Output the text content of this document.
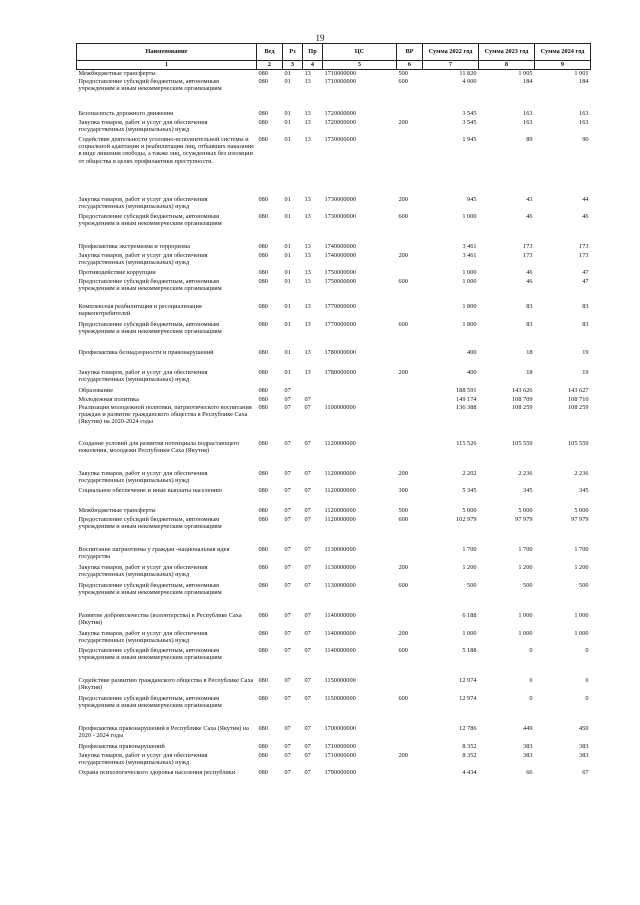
19
Наименование	Вед	Рз	Пр	ЦС	ВР	Сумма 2022 год	Сумма 2023 год	Сумма 2024 год
1	2	3	4	5	6	7	8	9
Межбюджетные трансферты	080	01	13	1710000000	500	11 820	1 005	1 001
Предоставление субсидий бюджетным, автономным учреждениям и иным некоммерческим организациям	080	01	13	1710000000	600	4 000	184	184
Безопасность дорожного движения	080	01	13	1720000000		3 545	163	163
Закупка товаров, работ и услуг для обеспечения государственных (муниципальных) нужд	080	01	13	1720000000	200	3 545	163	163
Содействие деятельности уголовно-исполнительной системы и социальной адаптации и реабилитации лиц, отбывших наказание в виде лишения свободы, а также лиц, осужденных без изоляции от общества в целях профилактики преступности.	080	01	13	1730000000		1 945	89	90
Закупка товаров, работ и услуг для обеспечения государственных (муниципальных) нужд	080	01	13	1730000000	200	945	43	44
Предоставление субсидий бюджетным, автономным учреждениям и иным некоммерческим организациям	080	01	13	1730000000	600	1 000	46	46
Профилактика экстремизма и терроризма	080	01	13	1740000000		3 461	173	173
Закупка товаров, работ и услуг для обеспечения государственных (муниципальных) нужд	080	01	13	1740000000	200	3 461	173	173
Противодействие коррупции	080	01	13	1750000000		1 000	46	47
Предоставление субсидий бюджетным, автономным учреждениям и иным некоммерческим организациям	080	01	13	1750000000	600	1 000	46	47
Комплексная реабилитация и ресоциализация наркопотребителей	080	01	13	1770000000		1 800	83	83
Предоставление субсидий бюджетным, автономным учреждениям и иным некоммерческим организациям	080	01	13	1770000000	600	1 800	83	83
Профилактика безнадзорности и правонарушений	080	01	13	1780000000		400	18	19
Закупка товаров, работ и услуг для обеспечения государственных (муниципальных) нужд	080	01	13	1780000000	200	400	18	19
Образование	080	07				188 591	143 626	143 627
Молодежная политика	080	07	07			149 174	108 709	108 710
Реализация молодежной политики, патриотического воспитания граждан и развитие гражданского общества в Республике Саха (Якутия) на 2020-2024 годы	080	07	07	1100000000		136 388	108 259	108 259
Создание условий для развития потенциала подрастающего поколения, молодежи Республики Саха (Якутия)	080	07	07	1120000000		115 526	105 559	105 559
Закупка товаров, работ и услуг для обеспечения государственных (муниципальных) нужд	080	07	07	1120000000	200	2 202	2 236	2 236
Социальное обеспечение и иные выплаты населению	080	07	07	1120000000	300	5 345	345	345
Межбюджетные трансферты	080	07	07	1120000000	500	5 000	5 000	5 000
Предоставление субсидий бюджетным, автономным учреждениям и иным некоммерческим организациям	080	07	07	1120000000	600	102 979	97 979	97 979
Воспитание патриотизма у граждан -национальная идея государства	080	07	07	1130000000		1 700	1 700	1 700
Закупка товаров, работ и услуг для обеспечения государственных (муниципальных) нужд	080	07	07	1130000000	200	1 200	1 200	1 200
Предоставление субсидий бюджетным, автономным учреждениям и иным некоммерческим организациям	080	07	07	1130000000	600	500	500	500
Развитие добровольчества (волонтерства) в Республике Саха (Якутия)	080	07	07	1140000000		6 188	1 000	1 000
Закупка товаров, работ и услуг для обеспечения государственных (муниципальных) нужд	080	07	07	1140000000	200	1 000	1 000	1 000
Предоставление субсидий бюджетным, автономным учреждениям и иным некоммерческим организациям	080	07	07	1140000000	600	5 188	0	0
Содействие развитию гражданского общества в Республике Саха (Якутия)	080	07	07	1150000000		12 974	0	0
Предоставление субсидий бюджетным, автономным учреждениям и иным некоммерческим организациям	080	07	07	1150000000	600	12 974	0	0
Профилактика правонарушений в Республике Саха (Якутия) на 2020 - 2024 годы	080	07	07	1700000000		12 786	449	450
Профилактика правонарушений	080	07	07	1710000000		8 352	383	383
Закупка товаров, работ и услуг для обеспечения государственных (муниципальных) нужд	080	07	07	1710000000	200	8 352	383	383
Охрана психологического здоровья населения республики	080	07	07	1790000000		4 434	66	67
